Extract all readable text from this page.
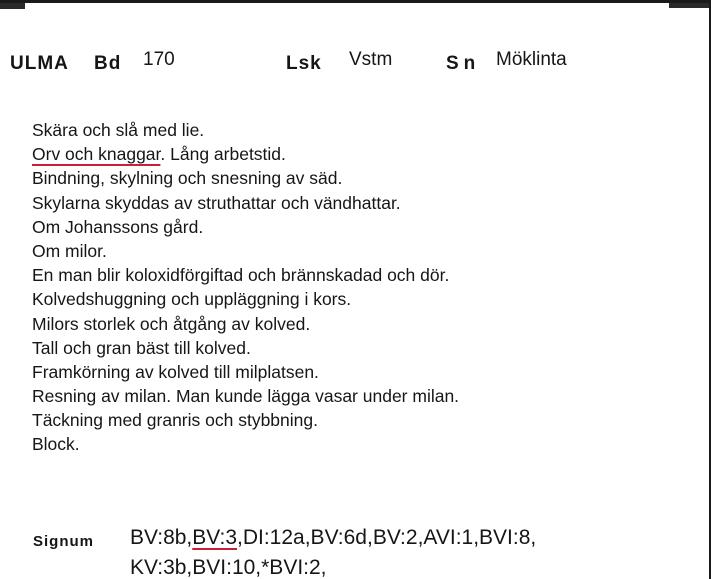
ULMA Bd 170	Lsk Vstm	Sn Möklinta
Skära och slå med lie.
Orv och knaggar. Lång arbetstid.
Bindning, skylning och snesning av säd.
Skylarna skyddas av struthattar och vändhattar.
Om Johanssons gård.
Om milor.
En man blir koloxidförgiftad och brännskadad och dör.
Kolvedshuggning och uppläggning i kors.
Milors storlek och åtgång av kolved.
Tall och gran bäst till kolved.
Framkörning av kolved till milplatsen.
Resning av milan. Man kunde lägga vasar under milan.
Täckning med granris och stybbning.
Block.
Signum BV:8b,BV:3,DI:12a,BV:6d,BV:2,AVI:1,BVI:8,
KV:3b,BVI:10,*BVI:2,
